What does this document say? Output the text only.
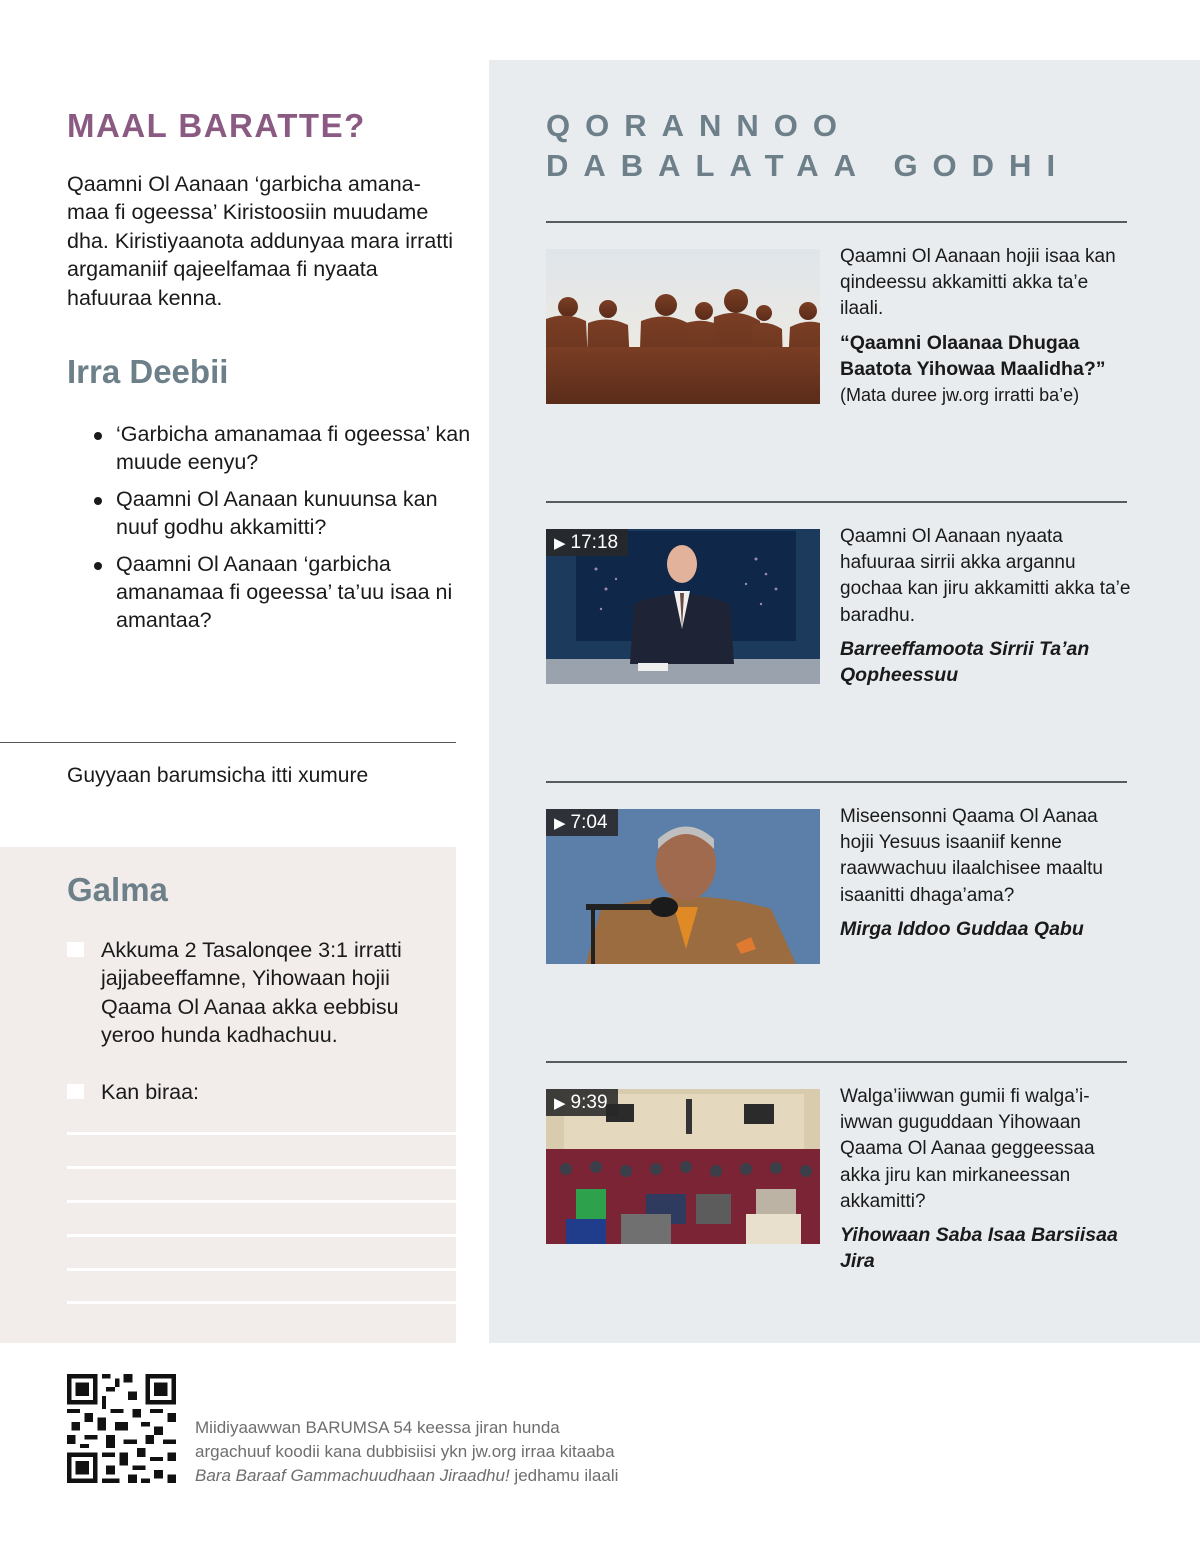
MAAL BARATTE?

Qaamni Ol Aanaan ‘garbicha amana-maa fi ogeessa’ Kiristoosiin muudame dha. Kiristiyaanota addunyaa mara irratti argamaniif qajeelfamaa fi nyaata hafuuraa kenna.

Irra Deebii
‘Garbicha amanamaa fi ogeessa’ kan muude eenyu?
Qaamni Ol Aanaan kunuunsa kan nuuf godhu akkamitti?
Qaamni Ol Aanaan ‘garbicha amanamaa fi ogeessa’ ta’uu isaa ni amantaa?

Guyyaan barumsicha itti xumure

Galma
Akkuma 2 Tasalonqee 3:1 irratti jajjabeeffamne, Yihowaan hojii Qaama Ol Aanaa akka eebbisu yeroo hunda kadhachuu.
Kan biraa:
QORANNOO
DABALATAA GODHI

Qaamni Ol Aanaan hojii isaa kan qindeessu akkamitti akka ta’e ilaali.

“Qaamni Olaanaa Dhugaa Baatota Yihowaa Maalidha?”

(Mata duree jw.org irratti ba’e)

▶ 17:18	Qaamni Ol Aanaan nyaata hafuuraa sirrii akka argannu gochaa kan jiru akkamitti akka ta’e baradhu.

Barreeffamoota Sirrii Ta’an Qopheessuu

▶ 7:04	Miseensonni Qaama Ol Aanaa hojii Yesuus isaaniif kenne raawwachuu ilaalchisee maaltu isaanitti dhaga’ama?

Mirga Iddoo Guddaa Qabu

▶ 9:39	Walga’iiwwan gumii fi walga’i-iwwan guguddaan Yihowaan Qaama Ol Aanaa geggeessaa akka jiru kan mirkaneessan akkamitti?

Yihowaan Saba Isaa Barsiisaa Jira

Miidiyaawwan BARUMSA 54 keessa jiran hunda
argachuuf koodii kana dubbisiisi ykn jw.org irraa kitaaba
Bara Baraaf Gammachuudhaan Jiraadhu! jedhamu ilaali
